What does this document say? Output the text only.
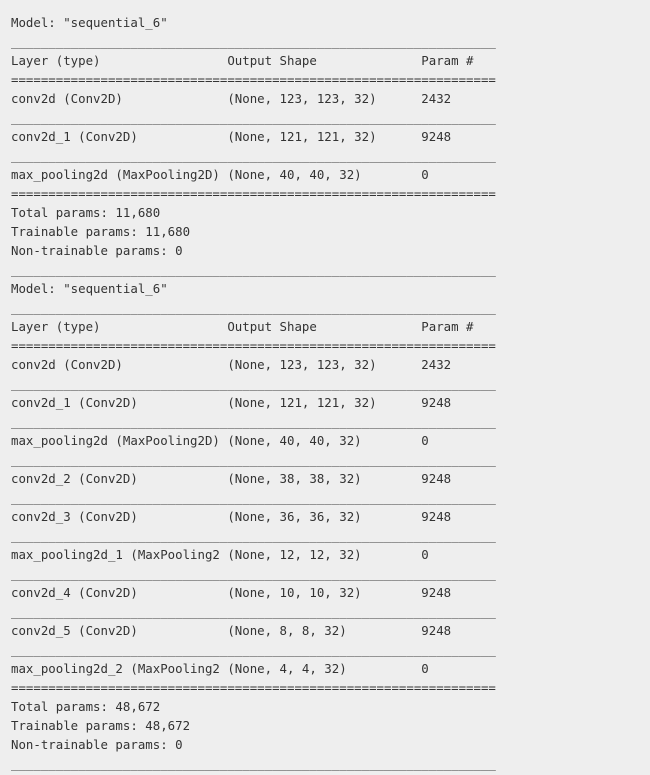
Model: "sequential_6"
_________________________________________________________________
Layer (type)                 Output Shape              Param #
=================================================================
conv2d (Conv2D)              (None, 123, 123, 32)      2432
_________________________________________________________________
conv2d_1 (Conv2D)            (None, 121, 121, 32)      9248
_________________________________________________________________
max_pooling2d (MaxPooling2D) (None, 40, 40, 32)        0
=================================================================
Total params: 11,680
Trainable params: 11,680
Non-trainable params: 0
_________________________________________________________________
Model: "sequential_6"
_________________________________________________________________
Layer (type)                 Output Shape              Param #
=================================================================
conv2d (Conv2D)              (None, 123, 123, 32)      2432
_________________________________________________________________
conv2d_1 (Conv2D)            (None, 121, 121, 32)      9248
_________________________________________________________________
max_pooling2d (MaxPooling2D) (None, 40, 40, 32)        0
_________________________________________________________________
conv2d_2 (Conv2D)            (None, 38, 38, 32)        9248
_________________________________________________________________
conv2d_3 (Conv2D)            (None, 36, 36, 32)        9248
_________________________________________________________________
max_pooling2d_1 (MaxPooling2 (None, 12, 12, 32)        0
_________________________________________________________________
conv2d_4 (Conv2D)            (None, 10, 10, 32)        9248
_________________________________________________________________
conv2d_5 (Conv2D)            (None, 8, 8, 32)          9248
_________________________________________________________________
max_pooling2d_2 (MaxPooling2 (None, 4, 4, 32)          0
=================================================================
Total params: 48,672
Trainable params: 48,672
Non-trainable params: 0
_________________________________________________________________
